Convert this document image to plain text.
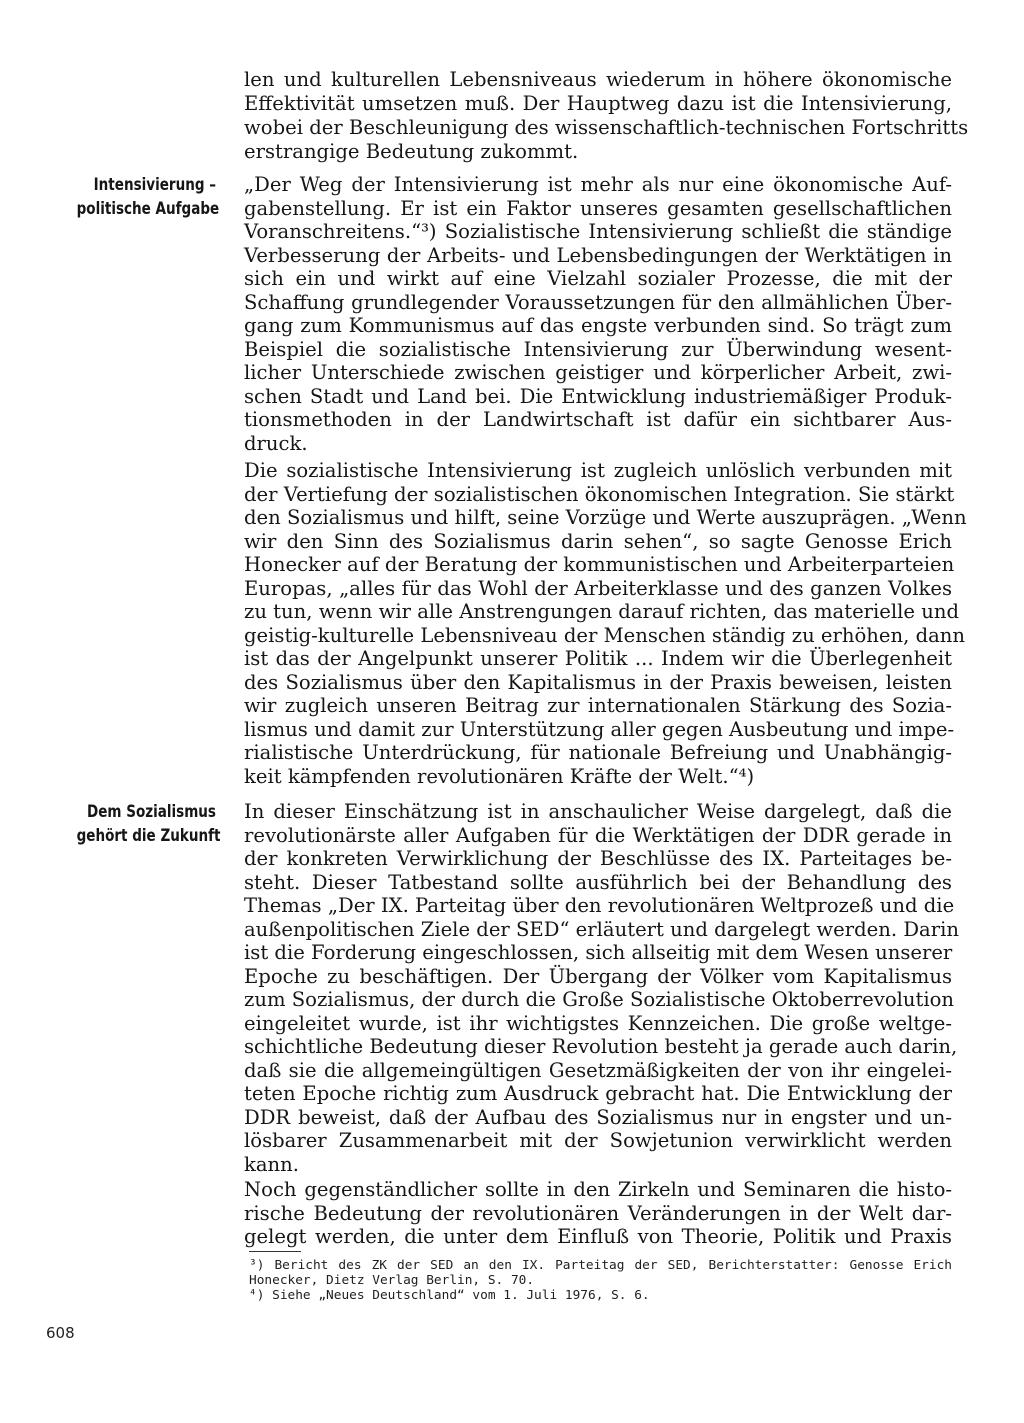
Intensivierung –
politische Aufgabe
Dem Sozialismus
gehört die Zukunft
len und kulturellen Lebensniveaus wiederum in höhere ökonomische
Effektivität umsetzen muß. Der Hauptweg dazu ist die Intensivierung,
wobei der Beschleunigung des wissenschaftlich-technischen Fortschritts
erstrangige Bedeutung zukommt.
„Der Weg der Intensivierung ist mehr als nur eine ökonomische Auf-
gabenstellung. Er ist ein Faktor unseres gesamten gesellschaftlichen
Voranschreitens.“³) Sozialistische Intensivierung schließt die ständige
Verbesserung der Arbeits- und Lebensbedingungen der Werktätigen in
sich ein und wirkt auf eine Vielzahl sozialer Prozesse, die mit der
Schaffung grundlegender Voraussetzungen für den allmählichen Über-
gang zum Kommunismus auf das engste verbunden sind. So trägt zum
Beispiel die sozialistische Intensivierung zur Überwindung wesent-
licher Unterschiede zwischen geistiger und körperlicher Arbeit, zwi-
schen Stadt und Land bei. Die Entwicklung industriemäßiger Produk-
tionsmethoden in der Landwirtschaft ist dafür ein sichtbarer Aus-
druck.
Die sozialistische Intensivierung ist zugleich unlöslich verbunden mit
der Vertiefung der sozialistischen ökonomischen Integration. Sie stärkt
den Sozialismus und hilft, seine Vorzüge und Werte auszuprägen. „Wenn
wir den Sinn des Sozialismus darin sehen“, so sagte Genosse Erich
Honecker auf der Beratung der kommunistischen und Arbeiterparteien
Europas, „alles für das Wohl der Arbeiterklasse und des ganzen Volkes
zu tun, wenn wir alle Anstrengungen darauf richten, das materielle und
geistig-kulturelle Lebensniveau der Menschen ständig zu erhöhen, dann
ist das der Angelpunkt unserer Politik ... Indem wir die Überlegenheit
des Sozialismus über den Kapitalismus in der Praxis beweisen, leisten
wir zugleich unseren Beitrag zur internationalen Stärkung des Sozia-
lismus und damit zur Unterstützung aller gegen Ausbeutung und impe-
rialistische Unterdrückung, für nationale Befreiung und Unabhängig-
keit kämpfenden revolutionären Kräfte der Welt.“⁴)
In dieser Einschätzung ist in anschaulicher Weise dargelegt, daß die
revolutionärste aller Aufgaben für die Werktätigen der DDR gerade in
der konkreten Verwirklichung der Beschlüsse des IX. Parteitages be-
steht. Dieser Tatbestand sollte ausführlich bei der Behandlung des
Themas „Der IX. Parteitag über den revolutionären Weltprozeß und die
außenpolitischen Ziele der SED“ erläutert und dargelegt werden. Darin
ist die Forderung eingeschlossen, sich allseitig mit dem Wesen unserer
Epoche zu beschäftigen. Der Übergang der Völker vom Kapitalismus
zum Sozialismus, der durch die Große Sozialistische Oktoberrevolution
eingeleitet wurde, ist ihr wichtigstes Kennzeichen. Die große weltge-
schichtliche Bedeutung dieser Revolution besteht ja gerade auch darin,
daß sie die allgemeingültigen Gesetzmäßigkeiten der von ihr eingelei-
teten Epoche richtig zum Ausdruck gebracht hat. Die Entwicklung der
DDR beweist, daß der Aufbau des Sozialismus nur in engster und un-
lösbarer Zusammenarbeit mit der Sowjetunion verwirklicht werden
kann.
Noch gegenständlicher sollte in den Zirkeln und Seminaren die histo-
rische Bedeutung der revolutionären Veränderungen in der Welt dar-
gelegt werden, die unter dem Einfluß von Theorie, Politik und Praxis
³) Bericht des ZK der SED an den IX. Parteitag der SED, Berichterstatter: Genosse Erich
Honecker, Dietz Verlag Berlin, S. 70.
⁴) Siehe „Neues Deutschland“ vom 1. Juli 1976, S. 6.
608
